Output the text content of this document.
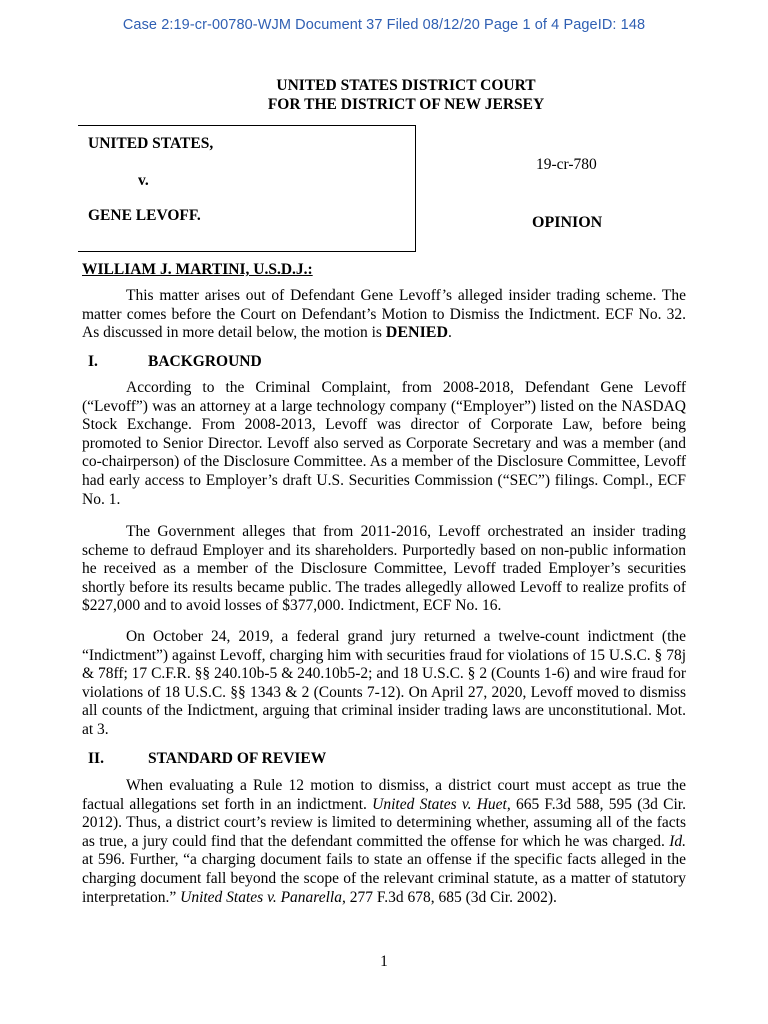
Case 2:19-cr-00780-WJM Document 37 Filed 08/12/20 Page 1 of 4 PageID: 148
UNITED STATES DISTRICT COURT
FOR THE DISTRICT OF NEW JERSEY
UNITED STATES,
v.
GENE LEVOFF.
19-cr-780
OPINION
WILLIAM J. MARTINI, U.S.D.J.:

This matter arises out of Defendant Gene Levoff’s alleged insider trading scheme. The matter comes before the Court on Defendant’s Motion to Dismiss the Indictment. ECF No. 32. As discussed in more detail below, the motion is DENIED.

I.	BACKGROUND

According to the Criminal Complaint, from 2008-2018, Defendant Gene Levoff (“Levoff”) was an attorney at a large technology company (“Employer”) listed on the NASDAQ Stock Exchange. From 2008-2013, Levoff was director of Corporate Law, before being promoted to Senior Director. Levoff also served as Corporate Secretary and was a member (and co-chairperson) of the Disclosure Committee. As a member of the Disclosure Committee, Levoff had early access to Employer’s draft U.S. Securities Commission (“SEC”) filings. Compl., ECF No. 1.

The Government alleges that from 2011-2016, Levoff orchestrated an insider trading scheme to defraud Employer and its shareholders. Purportedly based on non-public information he received as a member of the Disclosure Committee, Levoff traded Employer’s securities shortly before its results became public. The trades allegedly allowed Levoff to realize profits of $227,000 and to avoid losses of $377,000. Indictment, ECF No. 16.

On October 24, 2019, a federal grand jury returned a twelve-count indictment (the “Indictment”) against Levoff, charging him with securities fraud for violations of 15 U.S.C. § 78j & 78ff; 17 C.F.R. §§ 240.10b-5 & 240.10b5-2; and 18 U.S.C. § 2 (Counts 1-6) and wire fraud for violations of 18 U.S.C. §§ 1343 & 2 (Counts 7-12). On April 27, 2020, Levoff moved to dismiss all counts of the Indictment, arguing that criminal insider trading laws are unconstitutional. Mot. at 3.

II.	STANDARD OF REVIEW

When evaluating a Rule 12 motion to dismiss, a district court must accept as true the factual allegations set forth in an indictment. United States v. Huet, 665 F.3d 588, 595 (3d Cir. 2012). Thus, a district court’s review is limited to determining whether, assuming all of the facts as true, a jury could find that the defendant committed the offense for which he was charged. Id. at 596. Further, “a charging document fails to state an offense if the specific facts alleged in the charging document fall beyond the scope of the relevant criminal statute, as a matter of statutory interpretation.” United States v. Panarella, 277 F.3d 678, 685 (3d Cir. 2002).

1
